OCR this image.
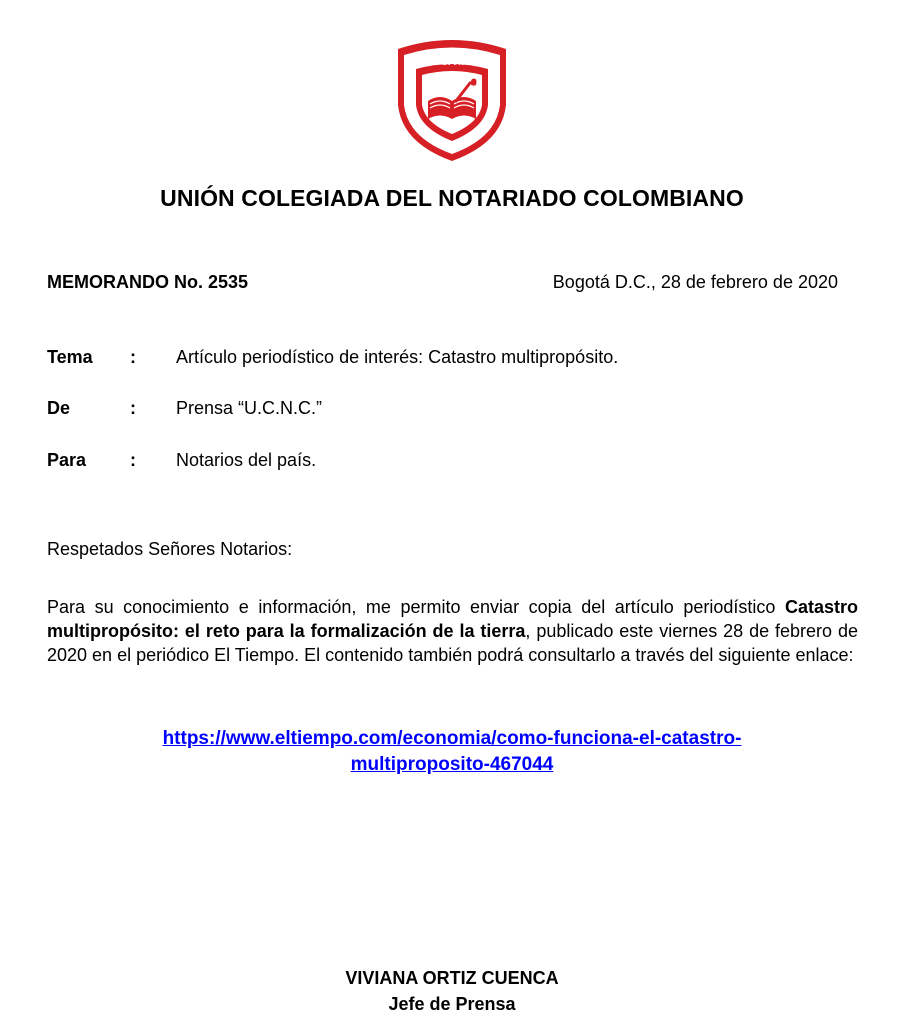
U. C. N. C.
UNIÓN COLEGIADA DEL NOTARIADO COLOMBIANO
MEMORANDO No. 2535	Bogotá D.C., 28 de febrero de 2020
Tema : Artículo periodístico de interés: Catastro multipropósito.
De	: Prensa “U.C.N.C.”
Para : Notarios del país.
Respetados Señores Notarios:
Para su conocimiento e información, me permito enviar copia del artículo periodístico Catastro multipropósito: el reto para la formalización de la tierra, publicado este viernes 28 de febrero de 2020 en el periódico El Tiempo. El contenido también podrá consultarlo a través del siguiente enlace:
https://www.eltiempo.com/economia/como-funciona-el-catastro-
multiproposito-467044
VIVIANA ORTIZ CUENCA
Jefe de Prensa
